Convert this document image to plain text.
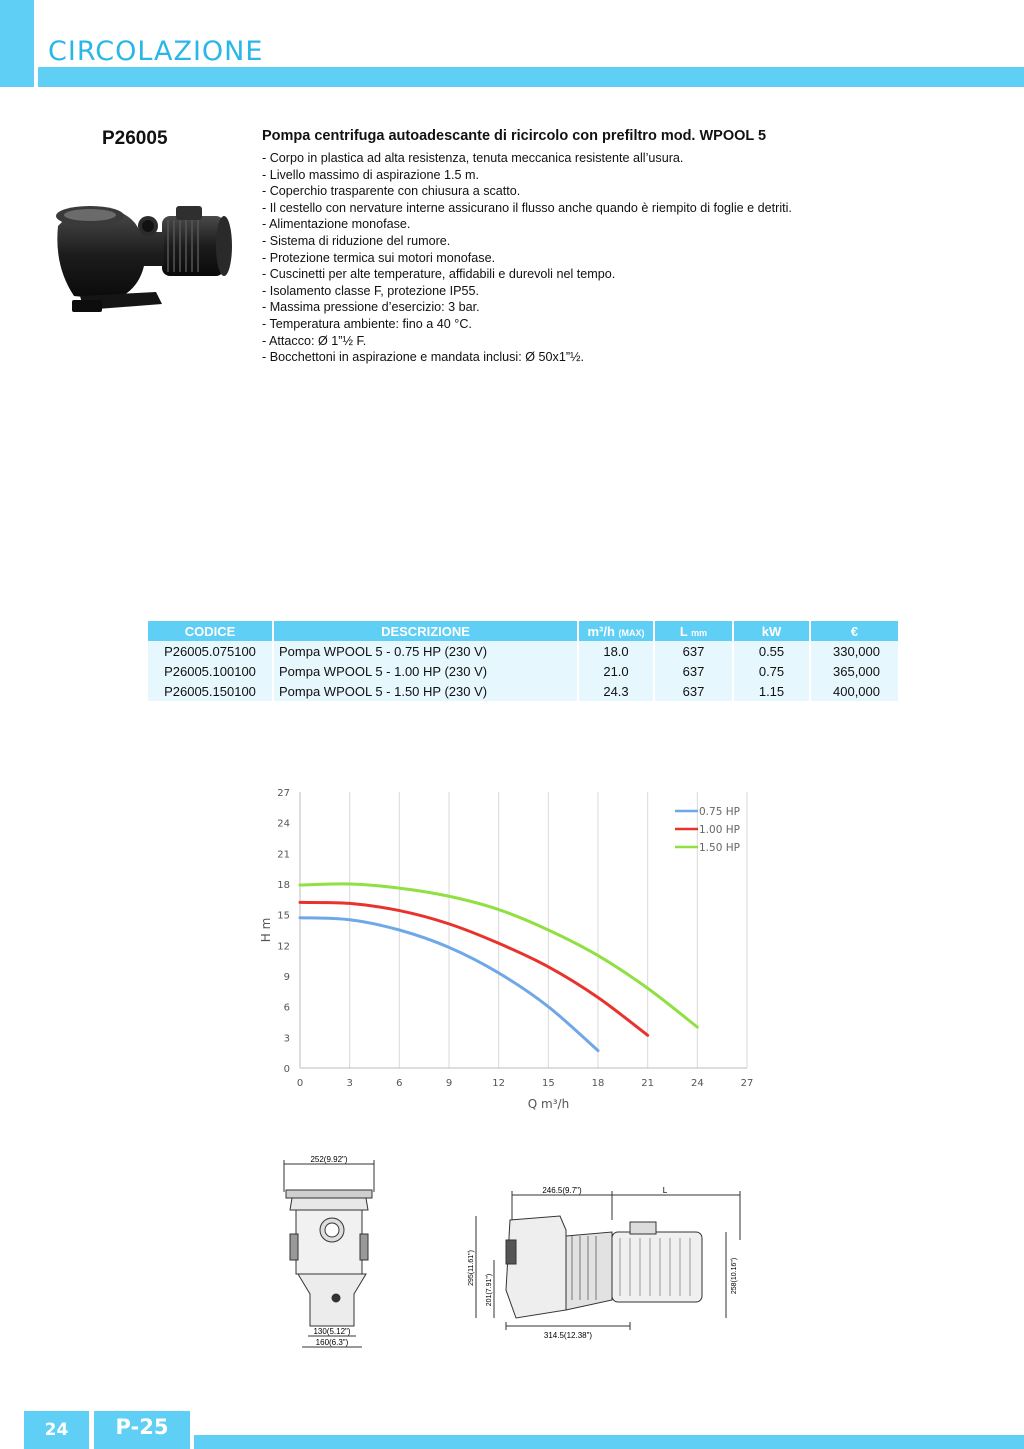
CIRCOLAZIONE
P26005	Pompa centrifuga autoadescante di ricircolo con prefiltro mod. WPOOL 5
- Corpo in plastica ad alta resistenza, tenuta meccanica resistente all’usura.
- Livello massimo di aspirazione 1.5 m.
- Coperchio trasparente con chiusura a scatto.
- Il cestello con nervature interne assicurano il flusso anche quando è riempito di foglie e detriti.
- Alimentazione monofase.
- Sistema di riduzione del rumore.
- Protezione termica sui motori monofase.
- Cuscinetti per alte temperature, affidabili e durevoli nel tempo.
- Isolamento classe F, protezione IP55.
- Massima pressione d’esercizio: 3 bar.
- Temperatura ambiente: fino a 40 °C.
- Attacco: Ø 1”½ F.
- Bocchettoni in aspirazione e mandata inclusi: Ø 50x1”½.
CODICE	DESCRIZIONE	m³/h (MAX)	L mm	kW	€
P26005.075100	Pompa WPOOL 5 - 0.75 HP (230 V)	18.0	637	0.55	330,000
P26005.100100	Pompa WPOOL 5 - 1.00 HP (230 V)	21.0	637	0.75	365,000
P26005.150100	Pompa WPOOL 5 - 1.50 HP (230 V)	24.3	637	1.15	400,000
0	3	6	9	12	15	18	21	24	27
0
3
6
9
12
15
18
21
24
27
Q m³/h
H m
0.75 HP
1.00 HP
1.50 HP
252(9.92")
130(5.12")
160(6.3")
246.5(9.7")	L
295(11.61")
201(7.91")	258(10.16")
314.5(12.38")
24	P-25
